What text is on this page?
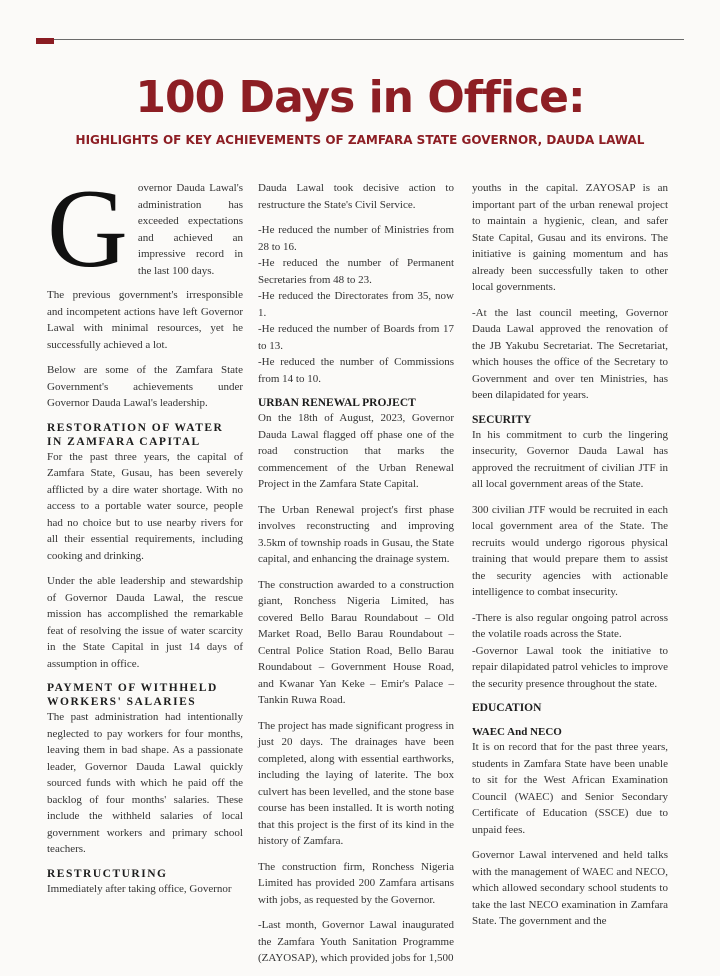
100 Days in Office:
HIGHLIGHTS OF KEY ACHIEVEMENTS OF ZAMFARA STATE GOVERNOR, DAUDA LAWAL

G overnor Dauda Lawal's administration has exceeded expectations and achieved an impressive record in the last 100 days.

The previous government's irresponsible and incompetent actions have left Governor Lawal with minimal resources, yet he successfully achieved a lot.

Below are some of the Zamfara State Government's achievements under Governor Dauda Lawal's leadership.

RESTORATION OF WATER IN ZAMFARA CAPITAL

For the past three years, the capital of Zamfara State, Gusau, has been severely afflicted by a dire water shortage. With no access to a portable water source, people had no choice but to use nearby rivers for all their essential requirements, including cooking and drinking.

Under the able leadership and stewardship of Governor Dauda Lawal, the rescue mission has accomplished the remarkable feat of resolving the issue of water scarcity in the State Capital in just 14 days of assumption in office.

PAYMENT OF WITHHELD WORKERS' SALARIES

The past administration had intentionally neglected to pay workers for four months, leaving them in bad shape. As a passionate leader, Governor Dauda Lawal quickly sourced funds with which he paid off the backlog of four months' salaries. These include the withheld salaries of local government workers and primary school teachers.

RESTRUCTURING

Immediately after taking office, Governor

Dauda Lawal took decisive action to restructure the State's Civil Service.

-He reduced the number of Ministries from 28 to 16.

-He reduced the number of Permanent Secretaries from 48 to 23.

-He reduced the Directorates from 35, now 1.

-He reduced the number of Boards from 17 to 13.

-He reduced the number of Commissions from 14 to 10.

URBAN RENEWAL PROJECT

On the 18th of August, 2023, Governor Dauda Lawal flagged off phase one of the road construction that marks the commencement of the Urban Renewal Project in the Zamfara State Capital.

The Urban Renewal project's first phase involves reconstructing and improving 3.5km of township roads in Gusau, the State capital, and enhancing the drainage system.

The construction awarded to a construction giant, Ronchess Nigeria Limited, has covered Bello Barau Roundabout – Old Market Road, Bello Barau Roundabout – Central Police Station Road, Bello Barau Roundabout – Government House Road, and Kwanar Yan Keke – Emir's Palace – Tankin Ruwa Road.

The project has made significant progress in just 20 days. The drainages have been completed, along with essential earthworks, including the laying of laterite. The box culvert has been levelled, and the stone base course has been installed. It is worth noting that this project is the first of its kind in the history of Zamfara.

The construction firm, Ronchess Nigeria Limited has provided 200 Zamfara artisans with jobs, as requested by the Governor.

-Last month, Governor Lawal inaugurated the Zamfara Youth Sanitation Programme (ZAYOSAP), which provided jobs for 1,500

youths in the capital. ZAYOSAP is an important part of the urban renewal project to maintain a hygienic, clean, and safer State Capital, Gusau and its environs. The initiative is gaining momentum and has already been successfully taken to other local governments.

-At the last council meeting, Governor Dauda Lawal approved the renovation of the JB Yakubu Secretariat. The Secretariat, which houses the office of the Secretary to Government and over ten Ministries, has been dilapidated for years.

SECURITY

In his commitment to curb the lingering insecurity, Governor Dauda Lawal has approved the recruitment of civilian JTF in all local government areas of the State.

300 civilian JTF would be recruited in each local government area of the State. The recruits would undergo rigorous physical training that would prepare them to assist the security agencies with actionable intelligence to combat insecurity.

-There is also regular ongoing patrol across the volatile roads across the State.

-Governor Lawal took the initiative to repair dilapidated patrol vehicles to improve the security presence throughout the state.

EDUCATION
WAEC And NECO

It is on record that for the past three years, students in Zamfara State have been unable to sit for the West African Examination Council (WAEC) and Senior Secondary Certificate of Education (SSCE) due to unpaid fees.

Governor Lawal intervened and held talks with the management of WAEC and NECO, which allowed secondary school students to take the last NECO examination in Zamfara State. The government and the
